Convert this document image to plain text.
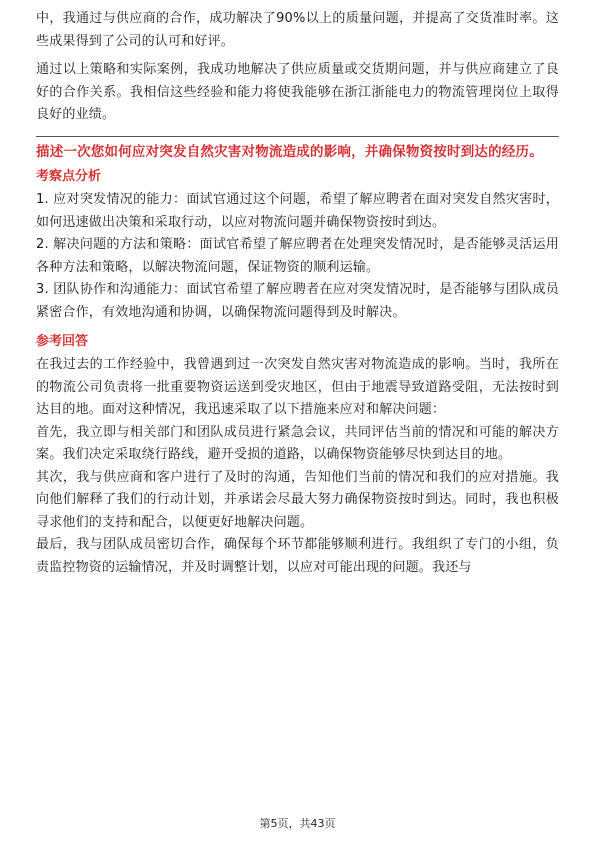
中，我通过与供应商的合作，成功解决了90%以上的质量问题，并提高了交货准时率。这些成果得到了公司的认可和好评。

通过以上策略和实际案例，我成功地解决了供应质量或交货期问题，并与供应商建立了良好的合作关系。我相信这些经验和能力将使我能够在浙江浙能电力的物流管理岗位上取得良好的业绩。

描述一次您如何应对突发自然灾害对物流造成的影响，并确保物资按时到达的经历。

考察点分析

1. 应对突发情况的能力：面试官通过这个问题，希望了解应聘者在面对突发自然灾害时，如何迅速做出决策和采取行动，以应对物流问题并确保物资按时到达。

2. 解决问题的方法和策略：面试官希望了解应聘者在处理突发情况时，是否能够灵活运用各种方法和策略，以解决物流问题，保证物资的顺利运输。

3. 团队协作和沟通能力：面试官希望了解应聘者在应对突发情况时，是否能够与团队成员紧密合作，有效地沟通和协调，以确保物流问题得到及时解决。

参考回答

在我过去的工作经验中，我曾遇到过一次突发自然灾害对物流造成的影响。当时，我所在的物流公司负责将一批重要物资运送到受灾地区，但由于地震导致道路受阻，无法按时到达目的地。面对这种情况，我迅速采取了以下措施来应对和解决问题：

首先，我立即与相关部门和团队成员进行紧急会议，共同评估当前的情况和可能的解决方案。我们决定采取绕行路线，避开受损的道路，以确保物资能够尽快到达目的地。

其次，我与供应商和客户进行了及时的沟通，告知他们当前的情况和我们的应对措施。我向他们解释了我们的行动计划，并承诺会尽最大努力确保物资按时到达。同时，我也积极寻求他们的支持和配合，以便更好地解决问题。

最后，我与团队成员密切合作，确保每个环节都能够顺利进行。我组织了专门的小组，负责监控物资的运输情况，并及时调整计划，以应对可能出现的问题。我还与

第5页，共43页
